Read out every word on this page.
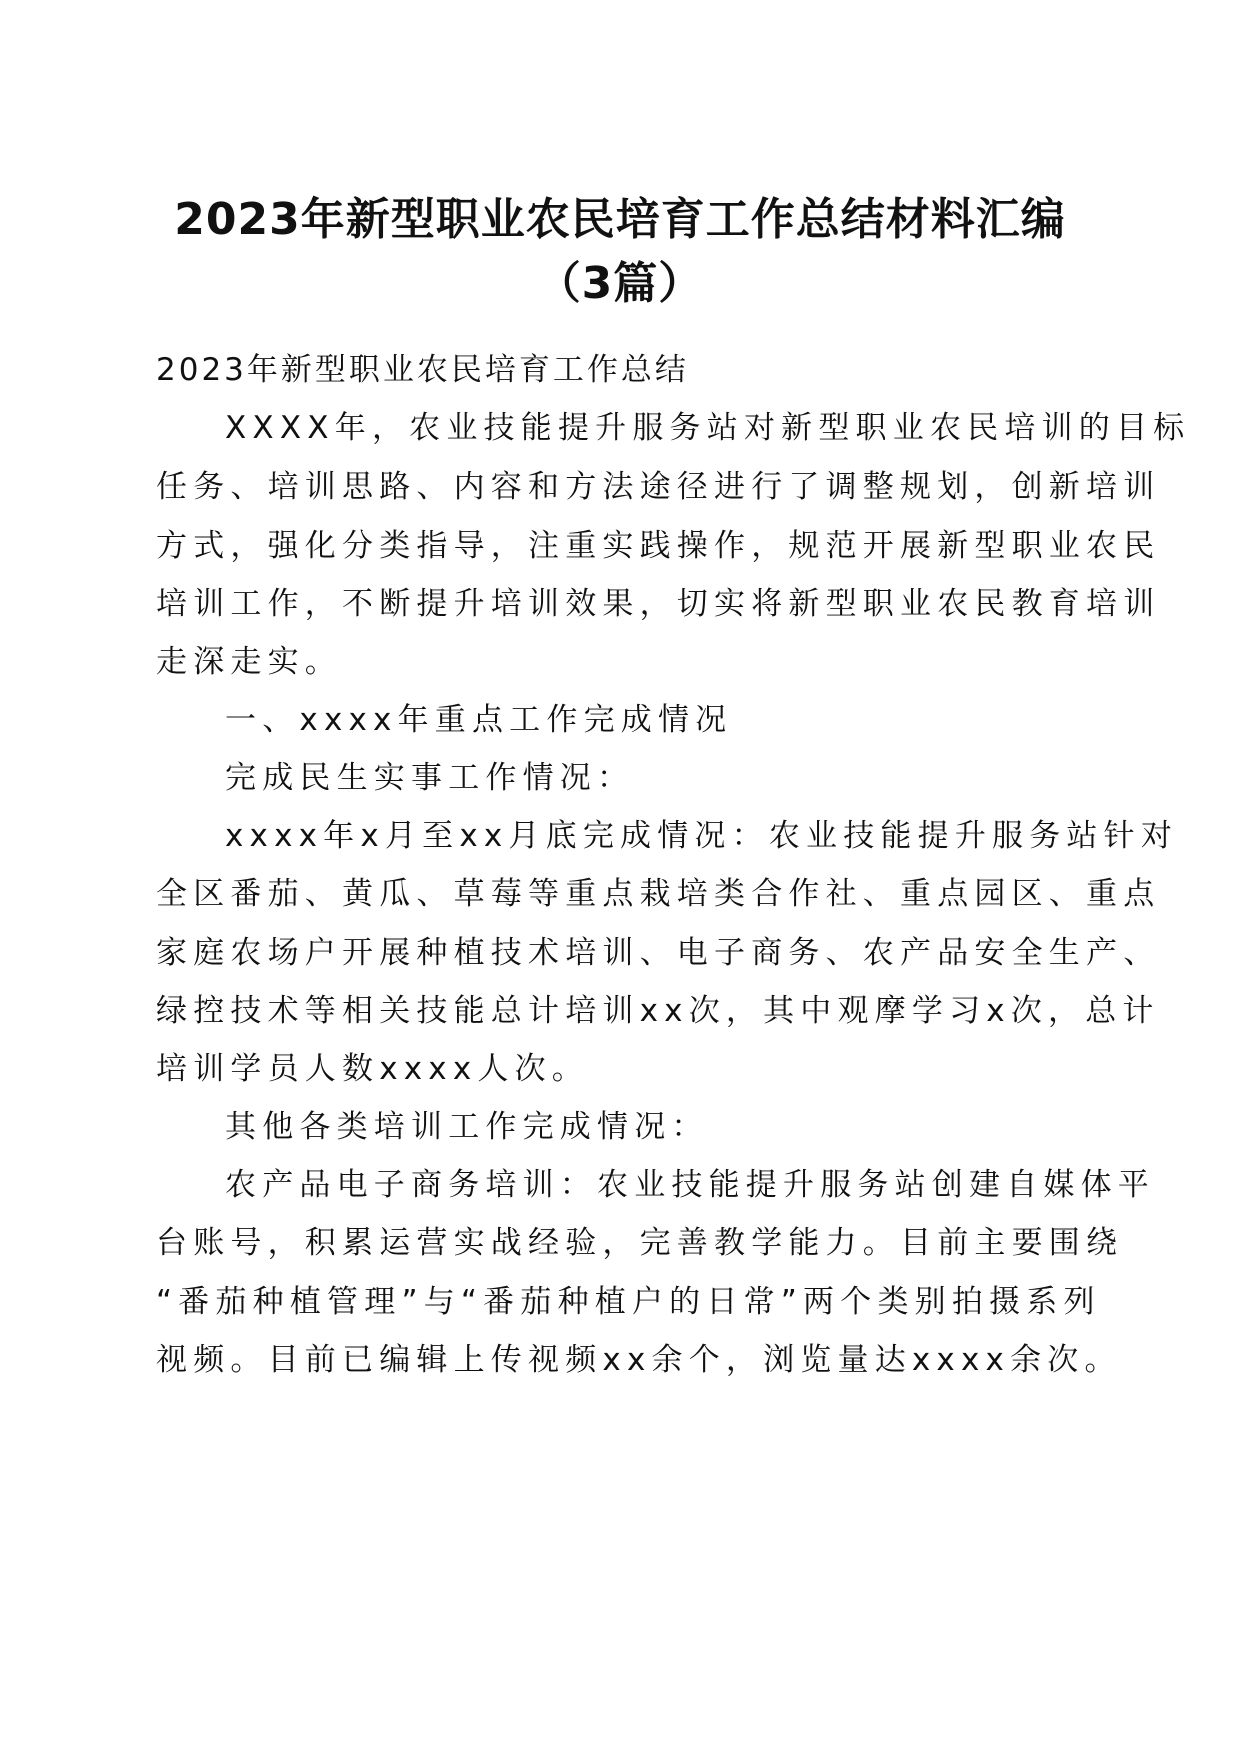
2023年新型职业农民培育工作总结材料汇编
（3篇）
2023年新型职业农民培育工作总结
XXXX年，农业技能提升服务站对新型职业农民培训的目标
任务、培训思路、内容和方法途径进行了调整规划，创新培训
方式，强化分类指导，注重实践操作，规范开展新型职业农民
培训工作，不断提升培训效果，切实将新型职业农民教育培训
走深走实。
一、xxxx年重点工作完成情况
完成民生实事工作情况：
xxxx年x月至xx月底完成情况：农业技能提升服务站针对
全区番茄、黄瓜、草莓等重点栽培类合作社、重点园区、重点
家庭农场户开展种植技术培训、电子商务、农产品安全生产、
绿控技术等相关技能总计培训xx次，其中观摩学习x次，总计
培训学员人数xxxx人次。
其他各类培训工作完成情况：
农产品电子商务培训：农业技能提升服务站创建自媒体平
台账号，积累运营实战经验，完善教学能力。目前主要围绕
“番茄种植管理”与“番茄种植户的日常”两个类别拍摄系列
视频。目前已编辑上传视频xx余个，浏览量达xxxx余次。
